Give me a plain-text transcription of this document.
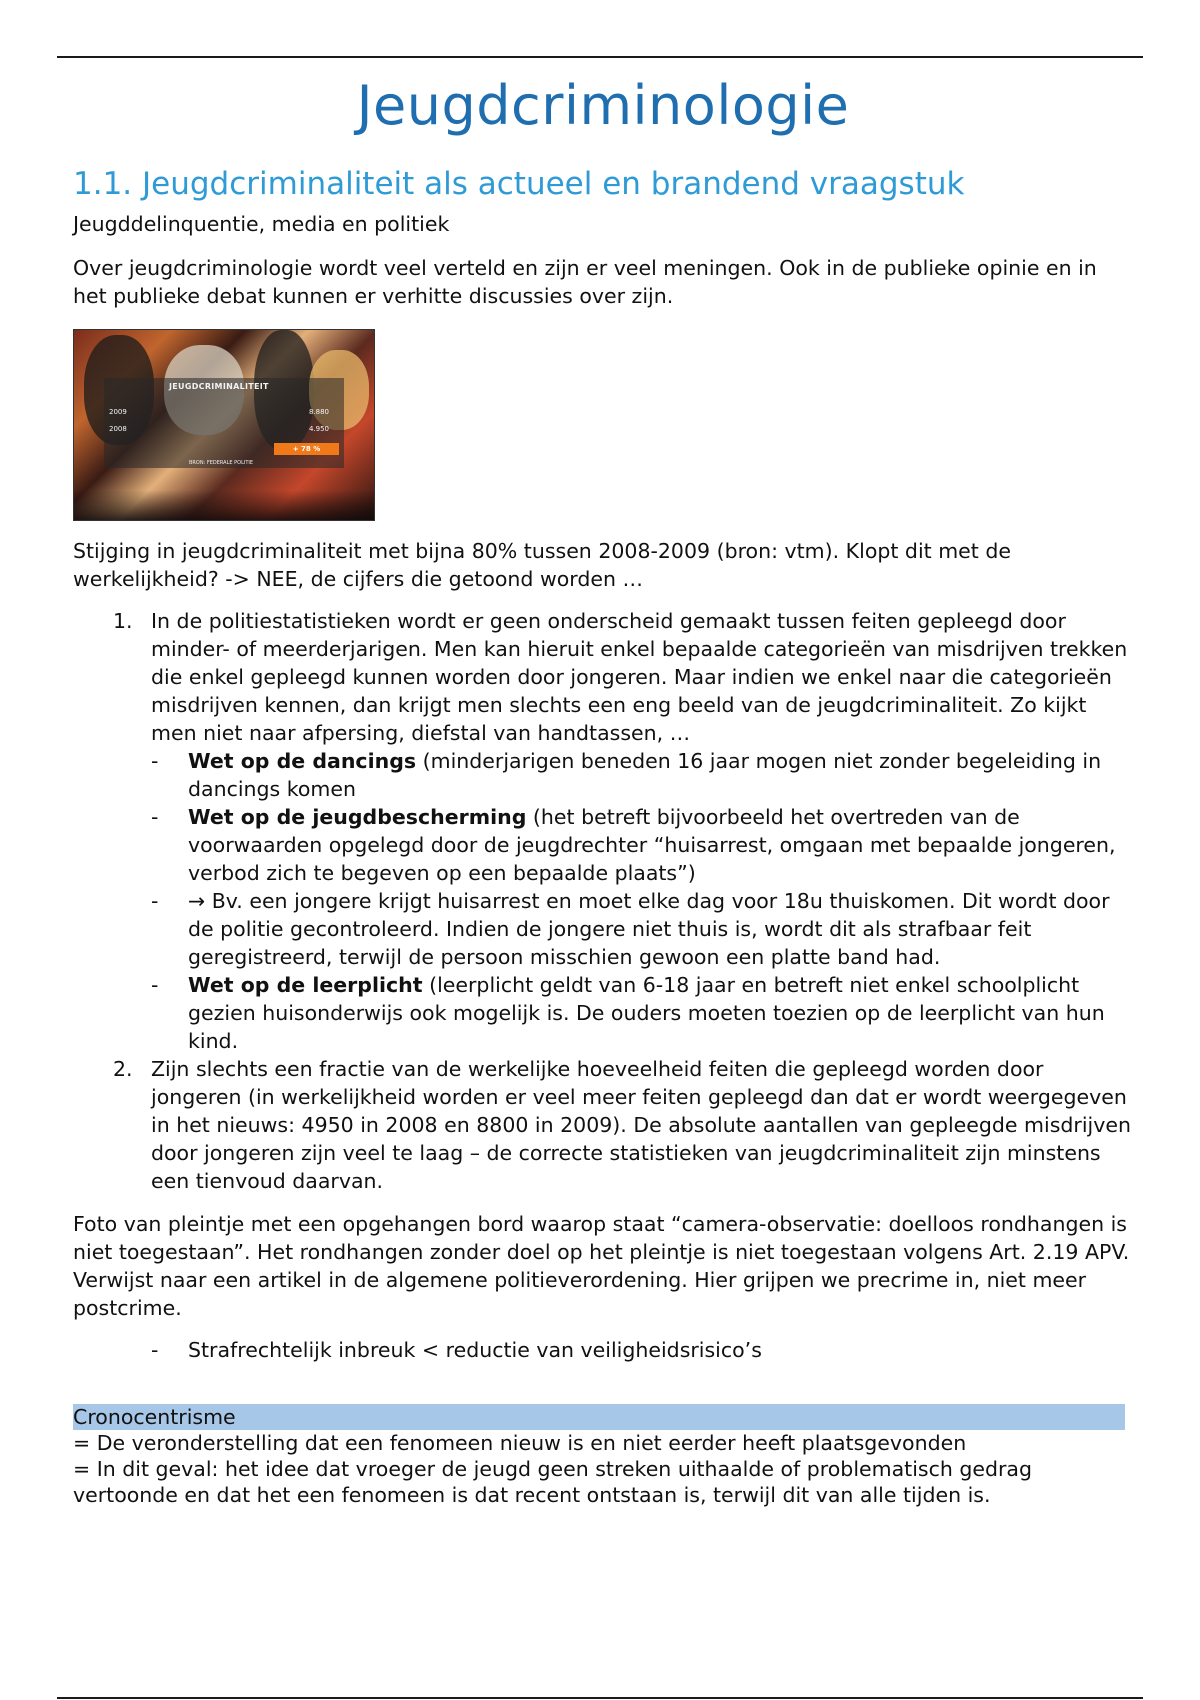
Jeugdcriminologie
1.1. Jeugdcriminaliteit als actueel en brandend vraagstuk

Jeugddelinquentie, media en politiek

Over jeugdcriminologie wordt veel verteld en zijn er veel meningen. Ook in de publieke opinie en in het publieke debat kunnen er verhitte discussies over zijn.

JEUGDCRIMINALITEIT
2009	8.880
2008	4.950
+ 78 %
BRON: FEDERALE POLITIE

Stijging in jeugdcriminaliteit met bijna 80% tussen 2008-2009 (bron: vtm). Klopt dit met de werkelijkheid? -> NEE, de cijfers die getoond worden …

1. In de politiestatistieken wordt er geen onderscheid gemaakt tussen feiten gepleegd door minder- of meerderjarigen. Men kan hieruit enkel bepaalde categorieën van misdrijven trekken die enkel gepleegd kunnen worden door jongeren. Maar indien we enkel naar die categorieën misdrijven kennen, dan krijgt men slechts een eng beeld van de jeugdcriminaliteit. Zo kijkt men niet naar afpersing, diefstal van handtassen, …
- Wet op de dancings (minderjarigen beneden 16 jaar mogen niet zonder begeleiding in dancings komen
- Wet op de jeugdbescherming (het betreft bijvoorbeeld het overtreden van de voorwaarden opgelegd door de jeugdrechter “huisarrest, omgaan met bepaalde jongeren, verbod zich te begeven op een bepaalde plaats”)
- → Bv. een jongere krijgt huisarrest en moet elke dag voor 18u thuiskomen. Dit wordt door de politie gecontroleerd. Indien de jongere niet thuis is, wordt dit als strafbaar feit geregistreerd, terwijl de persoon misschien gewoon een platte band had.
- Wet op de leerplicht (leerplicht geldt van 6-18 jaar en betreft niet enkel schoolplicht gezien huisonderwijs ook mogelijk is. De ouders moeten toezien op de leerplicht van hun kind.
2. Zijn slechts een fractie van de werkelijke hoeveelheid feiten die gepleegd worden door jongeren (in werkelijkheid worden er veel meer feiten gepleegd dan dat er wordt weergegeven in het nieuws: 4950 in 2008 en 8800 in 2009). De absolute aantallen van gepleegde misdrijven door jongeren zijn veel te laag – de correcte statistieken van jeugdcriminaliteit zijn minstens een tienvoud daarvan.

Foto van pleintje met een opgehangen bord waarop staat “camera-observatie: doelloos rondhangen is niet toegestaan”. Het rondhangen zonder doel op het pleintje is niet toegestaan volgens Art. 2.19 APV. Verwijst naar een artikel in de algemene politieverordening. Hier grijpen we precrime in, niet meer postcrime.

- Strafrechtelijk inbreuk < reductie van veiligheidsrisico’s
Cronocentrisme

= De veronderstelling dat een fenomeen nieuw is en niet eerder heeft plaatsgevonden

= In dit geval: het idee dat vroeger de jeugd geen streken uithaalde of problematisch gedrag vertoonde en dat het een fenomeen is dat recent ontstaan is, terwijl dit van alle tijden is.
